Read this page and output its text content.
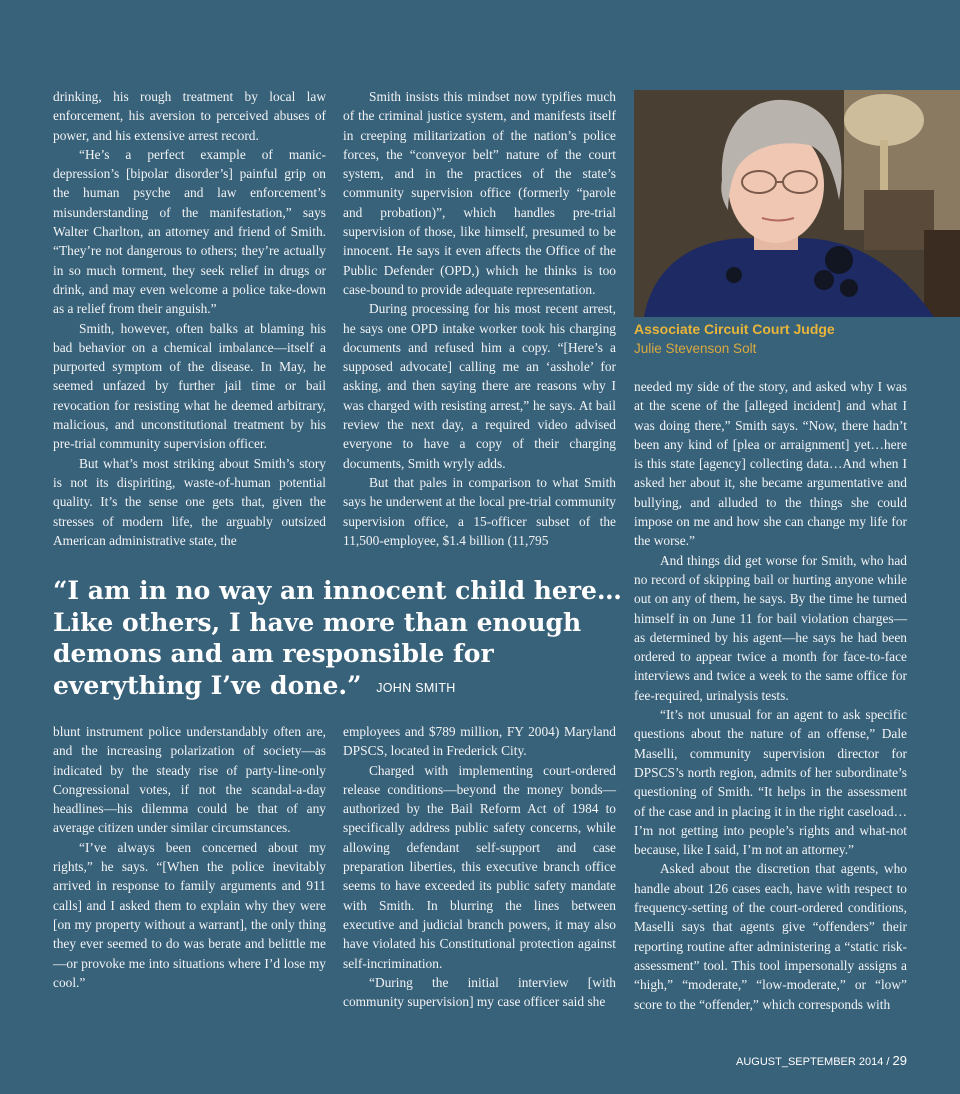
drinking, his rough treatment by local law enforcement, his aversion to perceived abuses of power, and his extensive arrest record.

“He’s a perfect example of manic-depression’s [bipolar disorder’s] painful grip on the human psyche and law enforcement’s misunderstanding of the manifestation,” says Walter Charlton, an attorney and friend of Smith. “They’re not dangerous to others; they’re actually in so much torment, they seek relief in drugs or drink, and may even welcome a police take-down as a relief from their anguish.”

Smith, however, often balks at blaming his bad behavior on a chemical imbalance—itself a purported symptom of the disease. In May, he seemed unfazed by further jail time or bail revocation for resisting what he deemed arbitrary, malicious, and unconstitutional treatment by his pre-trial community supervision officer.

But what’s most striking about Smith’s story is not its dispiriting, waste-of-human potential quality. It’s the sense one gets that, given the stresses of modern life, the arguably outsized American administrative state, the

Smith insists this mindset now typifies much of the criminal justice system, and manifests itself in creeping militarization of the nation’s police forces, the “conveyor belt” nature of the court system, and in the practices of the state’s community supervision office (formerly “parole and probation)”, which handles pre-trial supervision of those, like himself, presumed to be innocent. He says it even affects the Office of the Public Defender (OPD,) which he thinks is too case-bound to provide adequate representation.

During processing for his most recent arrest, he says one OPD intake worker took his charging documents and refused him a copy. “[Here’s a supposed advocate] calling me an ‘asshole’ for asking, and then saying there are reasons why I was charged with resisting arrest,” he says. At bail review the next day, a required video advised everyone to have a copy of their charging documents, Smith wryly adds.

But that pales in comparison to what Smith says he underwent at the local pre-trial community supervision office, a 15-officer subset of the 11,500-employee, $1.4 billion (11,795

Associate Circuit Court Judge
Julie Stevenson Solt
“I am in no way an innocent child here… Like others, I have more than enough demons and am responsible for everything I’ve done.” JOHN SMITH

blunt instrument police understandably often are, and the increasing polarization of society—as indicated by the steady rise of party-line-only Congressional votes, if not the scandal-a-day headlines—his dilemma could be that of any average citizen under similar circumstances.

“I’ve always been concerned about my rights,” he says. “[When the police inevitably arrived in response to family arguments and 911 calls] and I asked them to explain why they were [on my property without a warrant], the only thing they ever seemed to do was berate and belittle me—or provoke me into situations where I’d lose my cool.”

employees and $789 million, FY 2004) Maryland DPSCS, located in Frederick City.

Charged with implementing court-ordered release conditions—beyond the money bonds—authorized by the Bail Reform Act of 1984 to specifically address public safety concerns, while allowing defendant self-support and case preparation liberties, this executive branch office seems to have exceeded its public safety mandate with Smith. In blurring the lines between executive and judicial branch powers, it may also have violated his Constitutional protection against self-incrimination.

“During the initial interview [with community supervision] my case officer said she

needed my side of the story, and asked why I was at the scene of the [alleged incident] and what I was doing there,” Smith says. “Now, there hadn’t been any kind of [plea or arraignment] yet…here is this state [agency] collecting data…And when I asked her about it, she became argumentative and bullying, and alluded to the things she could impose on me and how she can change my life for the worse.”

And things did get worse for Smith, who had no record of skipping bail or hurting anyone while out on any of them, he says. By the time he turned himself in on June 11 for bail violation charges—as determined by his agent—he says he had been ordered to appear twice a month for face-to-face interviews and twice a week to the same office for fee-required, urinalysis tests.

“It’s not unusual for an agent to ask specific questions about the nature of an offense,” Dale Maselli, community supervision director for DPSCS’s north region, admits of her subordinate’s questioning of Smith. “It helps in the assessment of the case and in placing it in the right caseload… I’m not getting into people’s rights and what-not because, like I said, I’m not an attorney.”

Asked about the discretion that agents, who handle about 126 cases each, have with respect to frequency-setting of the court-ordered conditions, Maselli says that agents give “offenders” their reporting routine after administering a “static risk-assessment” tool. This tool impersonally assigns a “high,” “moderate,” “low-moderate,” or “low” score to the “offender,” which corresponds with

AUGUST_SEPTEMBER 2014 / 29
